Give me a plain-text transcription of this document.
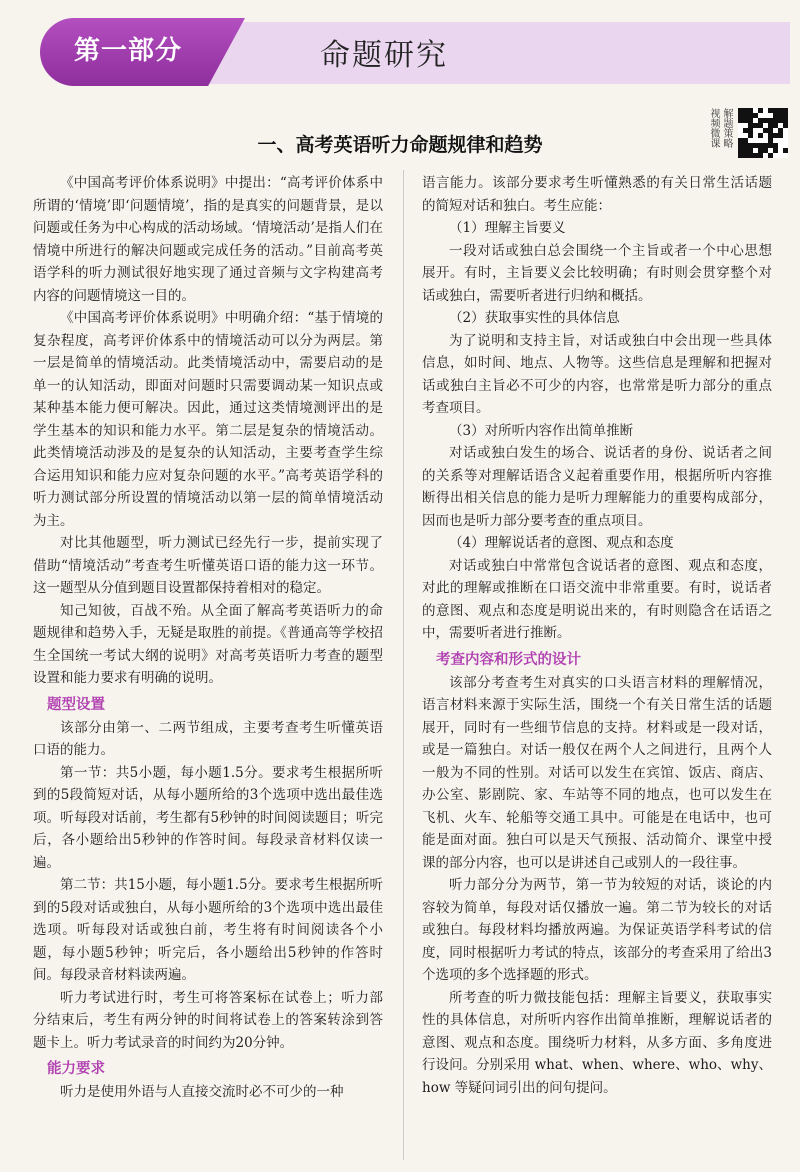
第一部分	命题研究
视频微课 解题策略
一、高考英语听力命题规律和趋势

《中国高考评价体系说明》中提出：“高考评价体系中所谓的‘情境’即‘问题情境’，指的是真实的问题背景，是以问题或任务为中心构成的活动场域。‘情境活动’是指人们在情境中所进行的解决问题或完成任务的活动。”目前高考英语学科的听力测试很好地实现了通过音频与文字构建高考内容的问题情境这一目的。

《中国高考评价体系说明》中明确介绍：“基于情境的复杂程度，高考评价体系中的情境活动可以分为两层。第一层是简单的情境活动。此类情境活动中，需要启动的是单一的认知活动，即面对问题时只需要调动某一知识点或某种基本能力便可解决。因此，通过这类情境测评出的是学生基本的知识和能力水平。第二层是复杂的情境活动。此类情境活动涉及的是复杂的认知活动，主要考查学生综合运用知识和能力应对复杂问题的水平。”高考英语学科的听力测试部分所设置的情境活动以第一层的简单情境活动为主。

对比其他题型，听力测试已经先行一步，提前实现了借助“情境活动”考查考生听懂英语口语的能力这一环节。这一题型从分值到题目设置都保持着相对的稳定。

知己知彼，百战不殆。从全面了解高考英语听力的命题规律和趋势入手，无疑是取胜的前提。《普通高等学校招生全国统一考试大纲的说明》对高考英语听力考查的题型设置和能力要求有明确的说明。

题型设置

该部分由第一、二两节组成，主要考查考生听懂英语口语的能力。

第一节：共5小题，每小题1.5分。要求考生根据所听到的5段简短对话，从每小题所给的3个选项中选出最佳选项。听每段对话前，考生都有5秒钟的时间阅读题目；听完后，各小题给出5秒钟的作答时间。每段录音材料仅读一遍。

第二节：共15小题，每小题1.5分。要求考生根据所听到的5段对话或独白，从每小题所给的3个选项中选出最佳选项。听每段对话或独白前，考生将有时间阅读各个小题，每小题5秒钟；听完后，各小题给出5秒钟的作答时间。每段录音材料读两遍。

听力考试进行时，考生可将答案标在试卷上；听力部分结束后，考生有两分钟的时间将试卷上的答案转涂到答题卡上。听力考试录音的时间约为20分钟。

能力要求

听力是使用外语与人直接交流时必不可少的一种

语言能力。该部分要求考生听懂熟悉的有关日常生活话题的简短对话和独白。考生应能：

（1）理解主旨要义

一段对话或独白总会围绕一个主旨或者一个中心思想展开。有时，主旨要义会比较明确；有时则会贯穿整个对话或独白，需要听者进行归纳和概括。

（2）获取事实性的具体信息

为了说明和支持主旨，对话或独白中会出现一些具体信息，如时间、地点、人物等。这些信息是理解和把握对话或独白主旨必不可少的内容，也常常是听力部分的重点考查项目。

（3）对所听内容作出简单推断

对话或独白发生的场合、说话者的身份、说话者之间的关系等对理解话语含义起着重要作用，根据所听内容推断得出相关信息的能力是听力理解能力的重要构成部分，因而也是听力部分要考查的重点项目。

（4）理解说话者的意图、观点和态度

对话或独白中常常包含说话者的意图、观点和态度，对此的理解或推断在口语交流中非常重要。有时，说话者的意图、观点和态度是明说出来的，有时则隐含在话语之中，需要听者进行推断。

考查内容和形式的设计

该部分考查考生对真实的口头语言材料的理解情况，语言材料来源于实际生活，围绕一个有关日常生活的话题展开，同时有一些细节信息的支持。材料或是一段对话，或是一篇独白。对话一般仅在两个人之间进行，且两个人一般为不同的性别。对话可以发生在宾馆、饭店、商店、办公室、影剧院、家、车站等不同的地点，也可以发生在飞机、火车、轮船等交通工具中。可能是在电话中，也可能是面对面。独白可以是天气预报、活动简介、课堂中授课的部分内容，也可以是讲述自己或别人的一段往事。

听力部分分为两节，第一节为较短的对话，谈论的内容较为简单，每段对话仅播放一遍。第二节为较长的对话或独白。每段材料均播放两遍。为保证英语学科考试的信度，同时根据听力考试的特点，该部分的考查采用了给出3个选项的多个选择题的形式。

所考查的听力微技能包括：理解主旨要义，获取事实性的具体信息，对所听内容作出简单推断，理解说话者的意图、观点和态度。围绕听力材料，从多方面、多角度进行设问。分别采用 what、when、where、who、why、how 等疑问词引出的问句提问。
